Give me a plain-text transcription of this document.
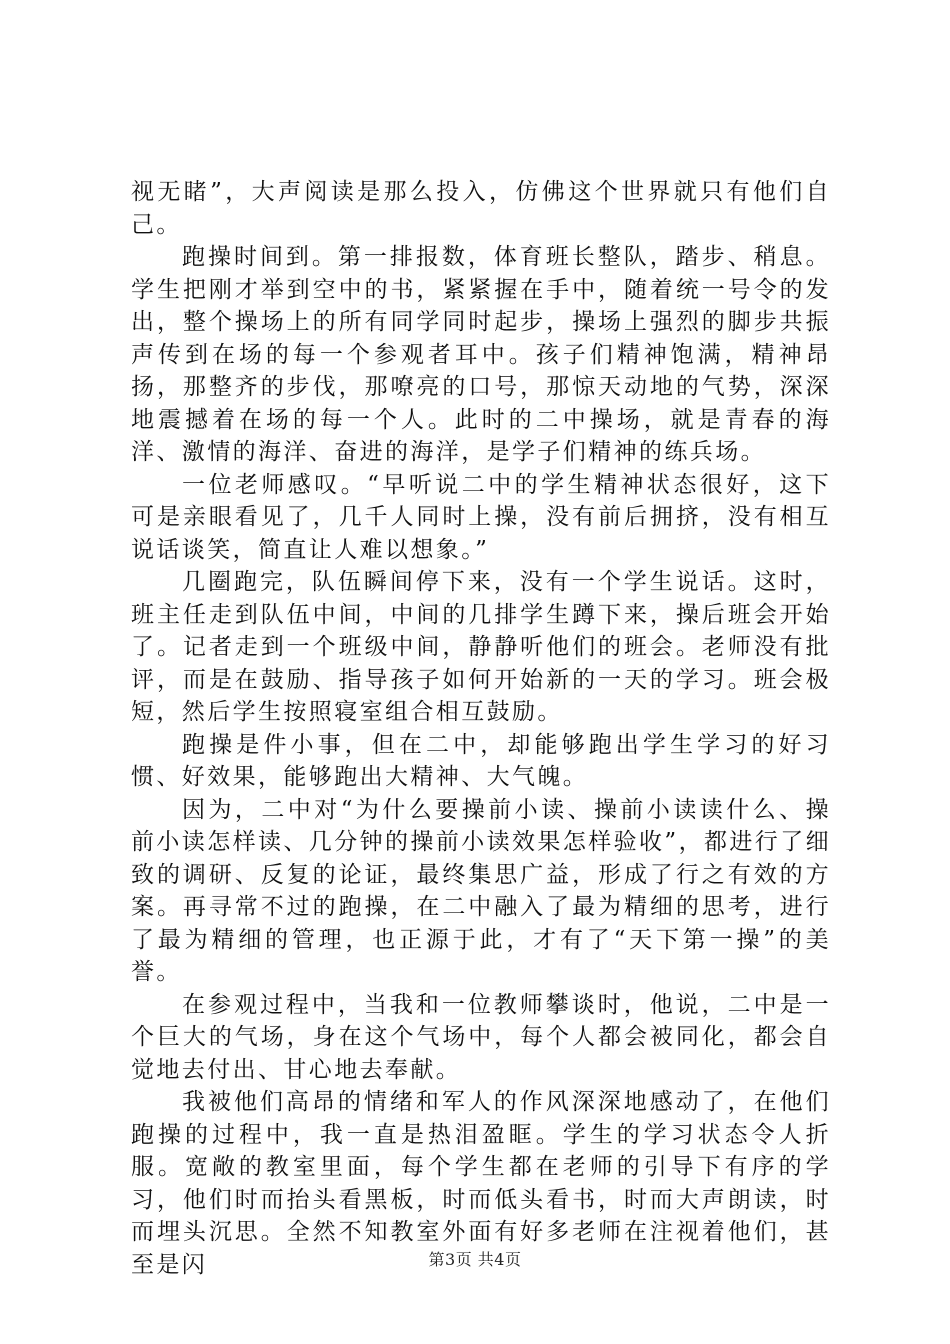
视无睹”，大声阅读是那么投入，仿佛这个世界就只有他们自己。

跑操时间到。第一排报数，体育班长整队，踏步、稍息。学生把刚才举到空中的书，紧紧握在手中，随着统一号令的发出，整个操场上的所有同学同时起步，操场上强烈的脚步共振声传到在场的每一个参观者耳中。孩子们精神饱满，精神昂扬，那整齐的步伐，那嘹亮的口号，那惊天动地的气势，深深地震撼着在场的每一个人。此时的二中操场，就是青春的海洋、激情的海洋、奋进的海洋，是学子们精神的练兵场。

一位老师感叹。“早听说二中的学生精神状态很好，这下可是亲眼看见了，几千人同时上操，没有前后拥挤，没有相互说话谈笑，简直让人难以想象。”

几圈跑完，队伍瞬间停下来，没有一个学生说话。这时，班主任走到队伍中间，中间的几排学生蹲下来，操后班会开始了。记者走到一个班级中间，静静听他们的班会。老师没有批评，而是在鼓励、指导孩子如何开始新的一天的学习。班会极短，然后学生按照寝室组合相互鼓励。

跑操是件小事，但在二中，却能够跑出学生学习的好习惯、好效果，能够跑出大精神、大气魄。

因为，二中对“为什么要操前小读、操前小读读什么、操前小读怎样读、几分钟的操前小读效果怎样验收”，都进行了细致的调研、反复的论证，最终集思广益，形成了行之有效的方案。再寻常不过的跑操，在二中融入了最为精细的思考，进行了最为精细的管理，也正源于此，才有了“天下第一操”的美誉。

在参观过程中，当我和一位教师攀谈时，他说，二中是一个巨大的气场，身在这个气场中，每个人都会被同化，都会自觉地去付出、甘心地去奉献。

我被他们高昂的情绪和军人的作风深深地感动了，在他们跑操的过程中，我一直是热泪盈眶。学生的学习状态令人折服。宽敞的教室里面，每个学生都在老师的引导下有序的学习，他们时而抬头看黑板，时而低头看书，时而大声朗读，时而埋头沉思。全然不知教室外面有好多老师在注视着他们，甚至是闪	第3页 共4页
